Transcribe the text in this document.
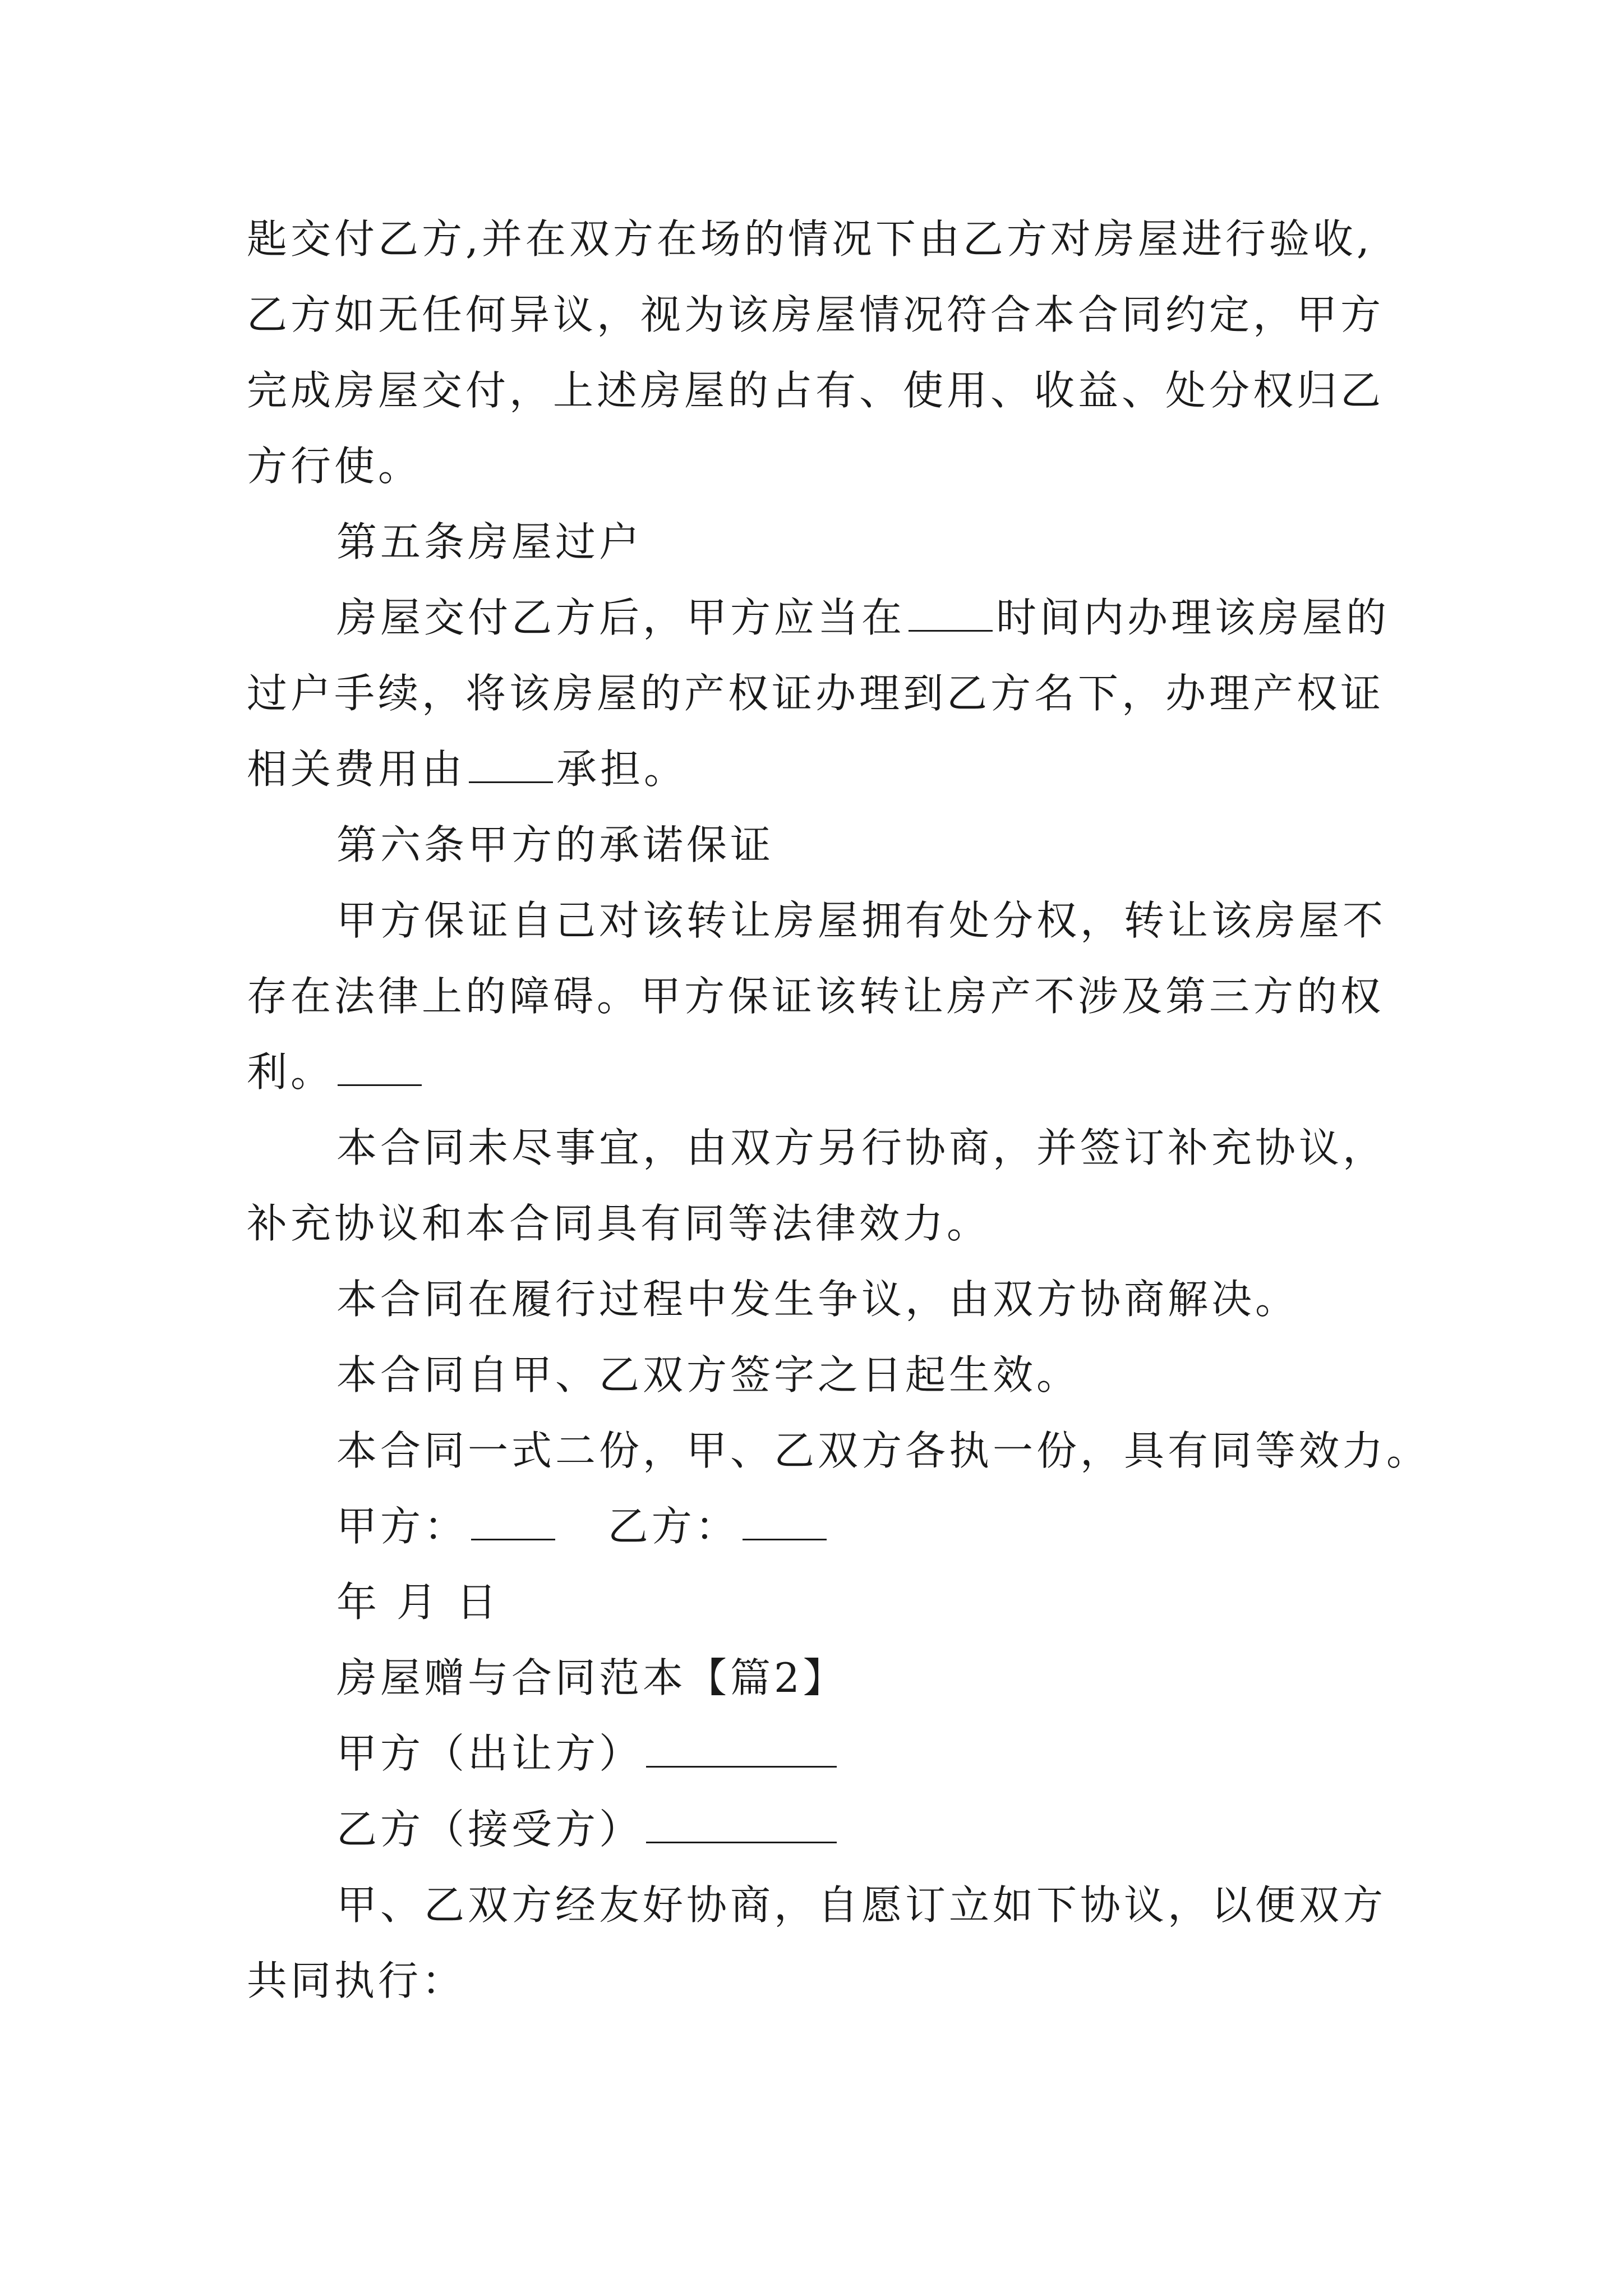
匙交付乙方,并在双方在场的情况下由乙方对房屋进行验收,
乙方如无任何异议，视为该房屋情况符合本合同约定，甲方
完成房屋交付，上述房屋的占有、使用、收益、处分权归乙
方行使。
第五条房屋过户
房屋交付乙方后，甲方应当在 时间内办理该房屋的
过户手续，将该房屋的产权证办理到乙方名下，办理产权证
相关费用由 承担。
第六条甲方的承诺保证
甲方保证自己对该转让房屋拥有处分权，转让该房屋不
存在法律上的障碍。甲方保证该转让房产不涉及第三方的权
利。
本合同未尽事宜，由双方另行协商，并签订补充协议，
补充协议和本合同具有同等法律效力。
本合同在履行过程中发生争议，由双方协商解决。
本合同自甲、乙双方签字之日起生效。
本合同一式二份，甲、乙双方各执一份，具有同等效力。
甲方：	乙方：
年 月 日
房屋赠与合同范本【篇2】
甲方（出让方）
乙方（接受方）
甲、乙双方经友好协商，自愿订立如下协议，以便双方
共同执行：
